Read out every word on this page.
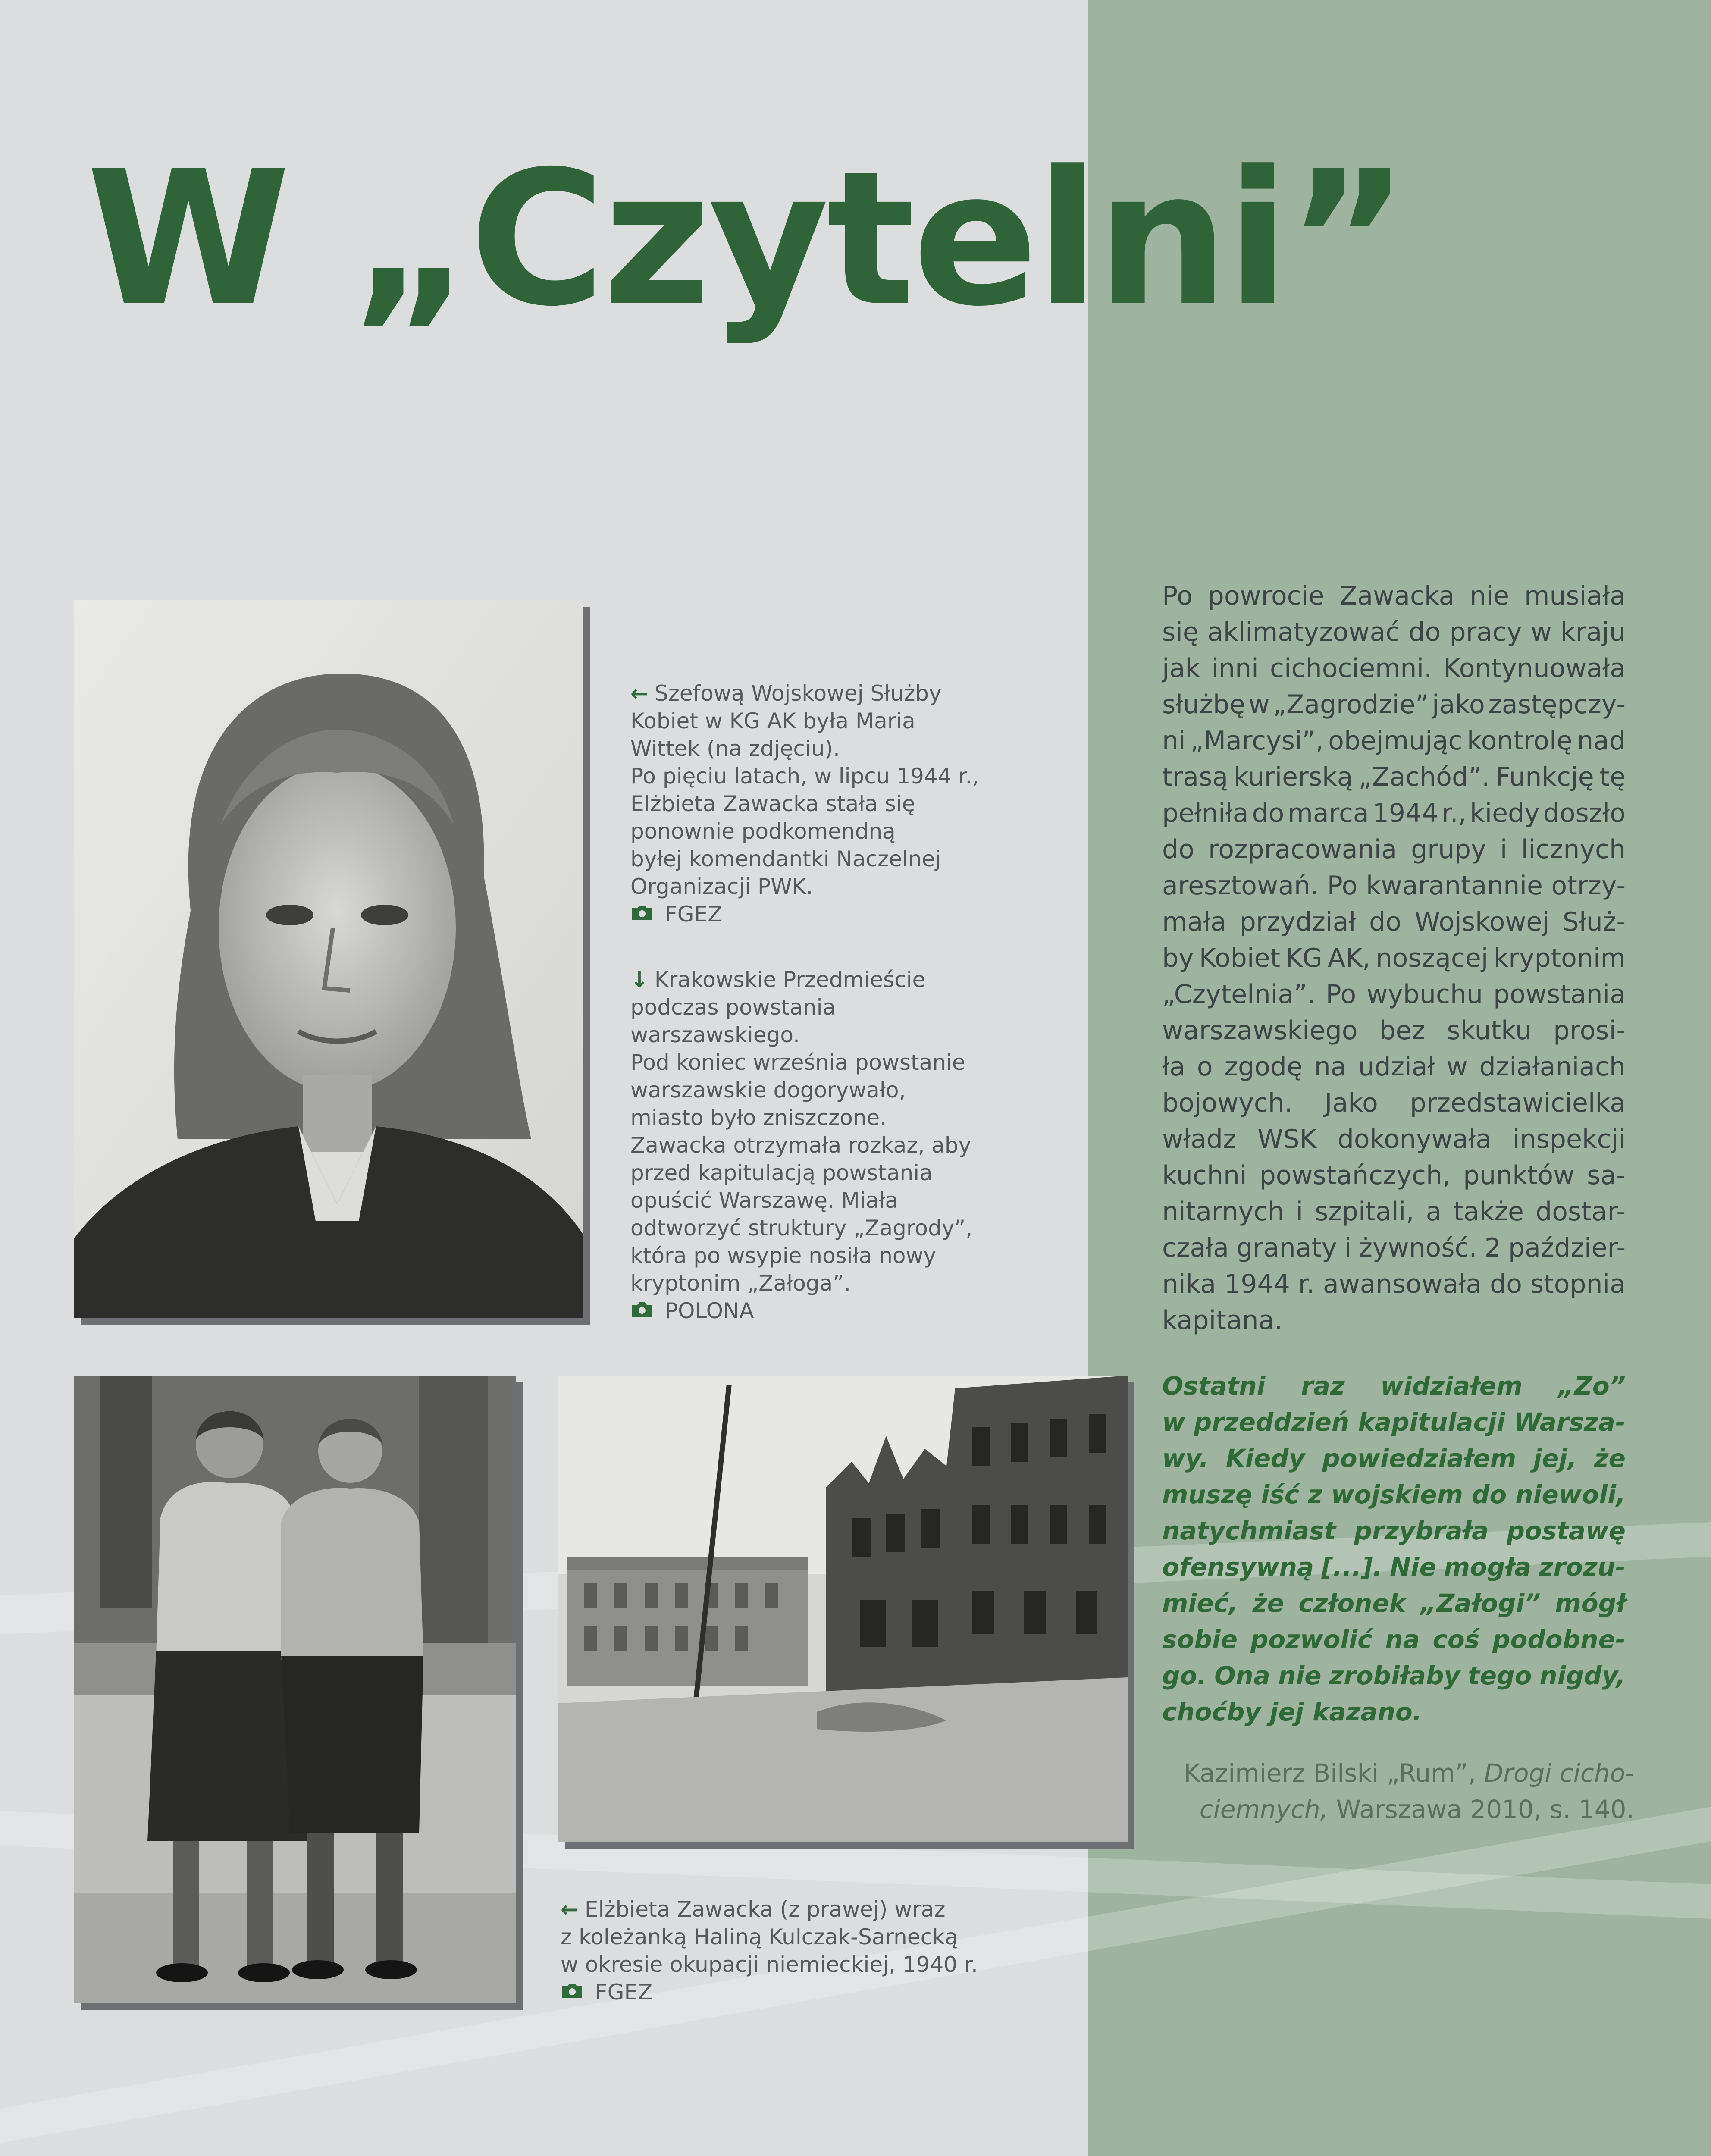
W „Czytelni”
← Szefową Wojskowej Służby
Kobiet w KG AK była Maria
Wittek (na zdjęciu).
Po pięciu latach, w lipcu 1944 r.,
Elżbieta Zawacka stała się
ponownie podkomendną
byłej komendantki Naczelnej
Organizacji PWK.
FGEZ
↓ Krakowskie Przedmieście
podczas powstania
warszawskiego.
Pod koniec września powstanie
warszawskie dogorywało,
miasto było zniszczone.
Zawacka otrzymała rozkaz, aby
przed kapitulacją powstania
opuścić Warszawę. Miała
odtworzyć struktury „Zagrody”,
która po wsypie nosiła nowy
kryptonim „Załoga”.
POLONA
← Elżbieta Zawacka (z prawej) wraz
z koleżanką Haliną Kulczak-Sarnecką
w okresie okupacji niemieckiej, 1940 r.
FGEZ
Po powrocie Zawacka nie musiała
się aklimatyzować do pracy w kraju
jak inni cichociemni. Kontynuowała
służbę w „Zagrodzie” jako zastępczy-
ni „Marcysi”, obejmując kontrolę nad
trasą kurierską „Zachód”. Funkcję tę
pełniła do marca 1944 r., kiedy doszło
do rozpracowania grupy i licznych
aresztowań. Po kwarantannie otrzy-
mała przydział do Wojskowej Służ-
by Kobiet KG AK, noszącej kryptonim
„Czytelnia”. Po wybuchu powstania
warszawskiego bez skutku prosi-
ła o zgodę na udział w działaniach
bojowych. Jako przedstawicielka
władz WSK dokonywała inspekcji
kuchni powstańczych, punktów sa-
nitarnych i szpitali, a także dostar-
czała granaty i żywność. 2 paździer-
nika 1944 r. awansowała do stopnia
kapitana.
Ostatni raz widziałem „Zo”
w przeddzień kapitulacji Warsza-
wy. Kiedy powiedziałem jej, że
muszę iść z wojskiem do niewoli,
natychmiast przybrała postawę
ofensywną [...]. Nie mogła zrozu-
mieć, że członek „Załogi” mógł
sobie pozwolić na coś podobne-
go. Ona nie zrobiłaby tego nigdy,
choćby jej kazano.
Kazimierz Bilski „Rum”, Drogi cicho-
ciemnych, Warszawa 2010, s. 140.
